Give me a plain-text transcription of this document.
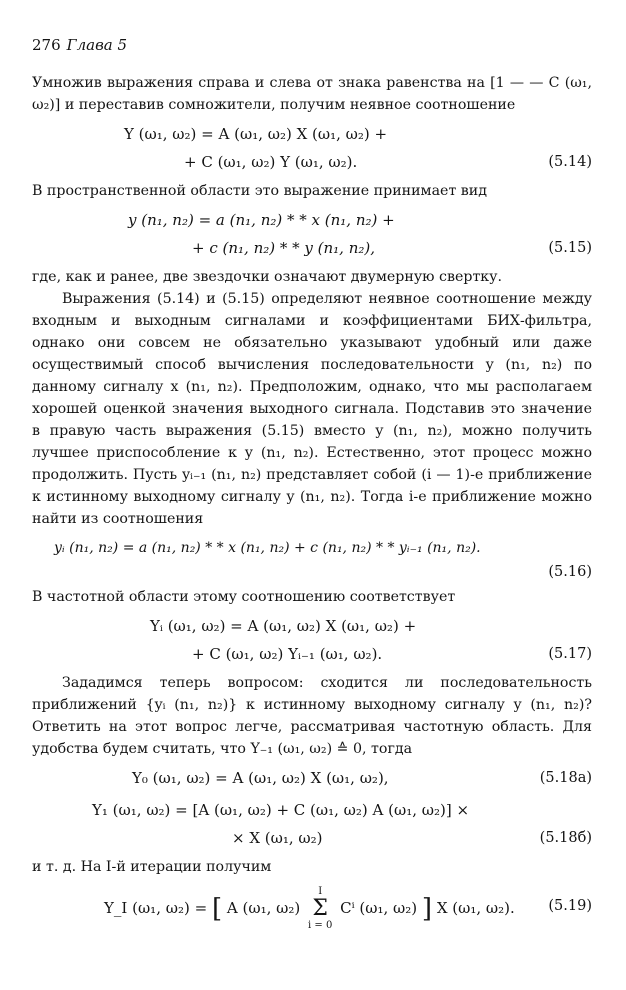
276 Глава 5

Умножив выражения справа и слева от знака равенства на [1 — — C (ω₁, ω₂)] и переставив сомножители, получим неявное соотношение

Y (ω₁, ω₂) = A (ω₁, ω₂) X (ω₁, ω₂) +
+ C (ω₁, ω₂) Y (ω₁, ω₂).	(5.14)

В пространственной области это выражение принимает вид

y (n₁, n₂) = a (n₁, n₂) * * x (n₁, n₂) +
+ c (n₁, n₂) * * y (n₁, n₂),	(5.15)

где, как и ранее, две звездочки означают двумерную свертку.

Выражения (5.14) и (5.15) определяют неявное соотношение между входным и выходным сигналами и коэффициентами БИХ-фильтра, однако они совсем не обязательно указывают удобный или даже осуществимый способ вычисления последовательности y (n₁, n₂) по данному сигналу x (n₁, n₂). Предположим, однако, что мы располагаем хорошей оценкой значения выходного сигнала. Подставив это значение в правую часть выражения (5.15) вместо y (n₁, n₂), можно получить лучшее приспособление к y (n₁, n₂). Естественно, этот процесс можно продолжить. Пусть yᵢ₋₁ (n₁, n₂) представляет собой (i — 1)-е приближение к истинному выходному сигналу y (n₁, n₂). Тогда i-е приближение можно найти из соотношения

yᵢ (n₁, n₂) = a (n₁, n₂) * * x (n₁, n₂) + c (n₁, n₂) * * yᵢ₋₁ (n₁, n₂).
(5.16)

В частотной области этому соотношению соответствует

Yᵢ (ω₁, ω₂) = A (ω₁, ω₂) X (ω₁, ω₂) +
+ C (ω₁, ω₂) Yᵢ₋₁ (ω₁, ω₂).	(5.17)

Зададимся теперь вопросом: сходится ли последовательность приближений {yᵢ (n₁, n₂)} к истинному выходному сигналу y (n₁, n₂)? Ответить на этот вопрос легче, рассматривая частотную область. Для удобства будем считать, что Y₋₁ (ω₁, ω₂) ≙ 0, тогда

Y₀ (ω₁, ω₂) = A (ω₁, ω₂) X (ω₁, ω₂),	(5.18а)
Y₁ (ω₁, ω₂) = [A (ω₁, ω₂) + C (ω₁, ω₂) A (ω₁, ω₂)] ×
× X (ω₁, ω₂)	(5.18б)

и т. д. На I-й итерации получим

Y_I (ω₁, ω₂) = [ A (ω₁, ω₂)
I
Σ
i = 0
Cⁱ (ω₁, ω₂) ] X (ω₁, ω₂).	(5.19)
